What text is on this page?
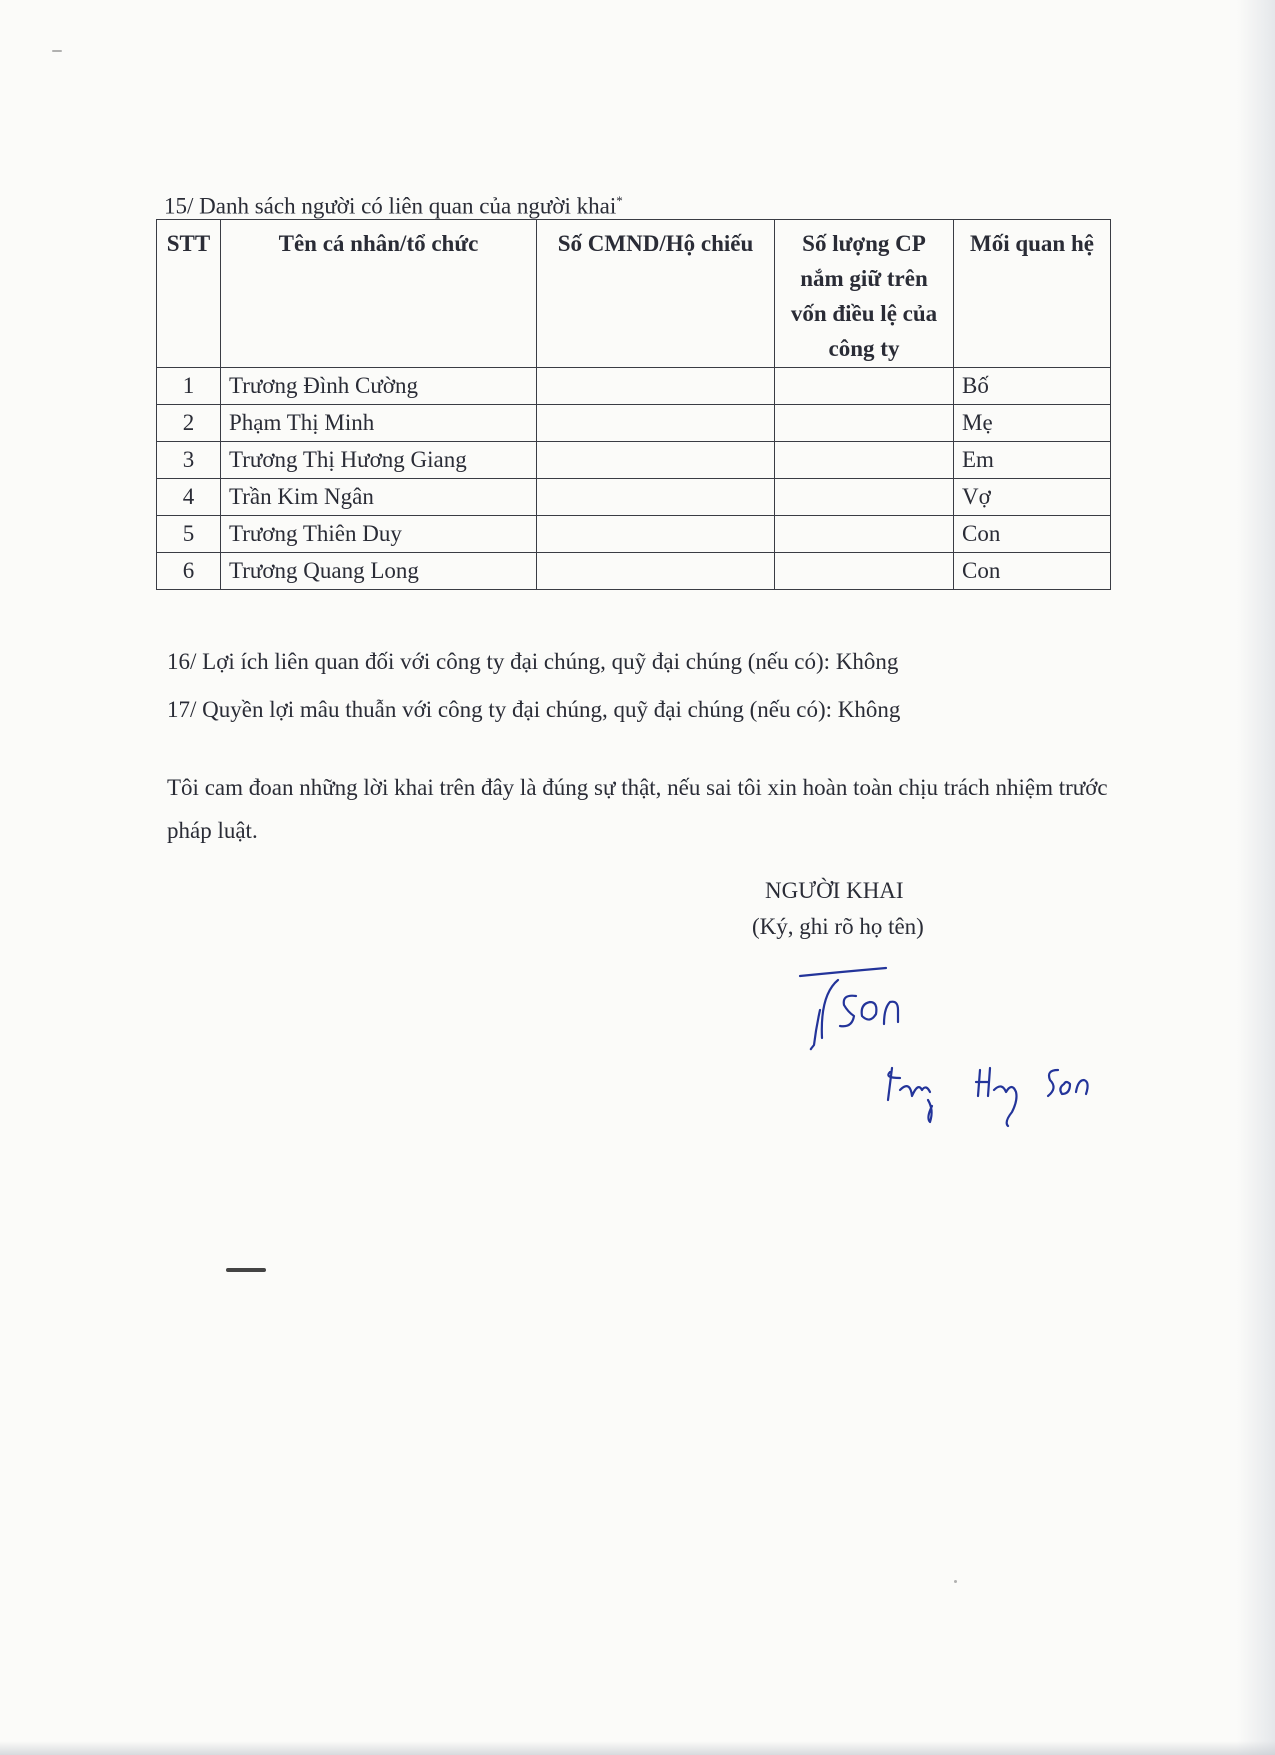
15/ Danh sách người có liên quan của người khai*
STT	Tên cá nhân/tổ chức	Số CMND/Hộ chiếu	Số lượng CP nắm giữ trên vốn điều lệ của công ty	Mối quan hệ
1	Trương Đình Cường			Bố
2	Phạm Thị Minh			Mẹ
3	Trương Thị Hương Giang			Em
4	Trần Kim Ngân			Vợ
5	Trương Thiên Duy			Con
6	Trương Quang Long			Con
16/ Lợi ích liên quan đối với công ty đại chúng, quỹ đại chúng (nếu có): Không
17/ Quyền lợi mâu thuẫn với công ty đại chúng, quỹ đại chúng (nếu có): Không
Tôi cam đoan những lời khai trên đây là đúng sự thật, nếu sai tôi xin hoàn toàn chịu trách nhiệm trước pháp luật.
NGƯỜI KHAI
(Ký, ghi rõ họ tên)
